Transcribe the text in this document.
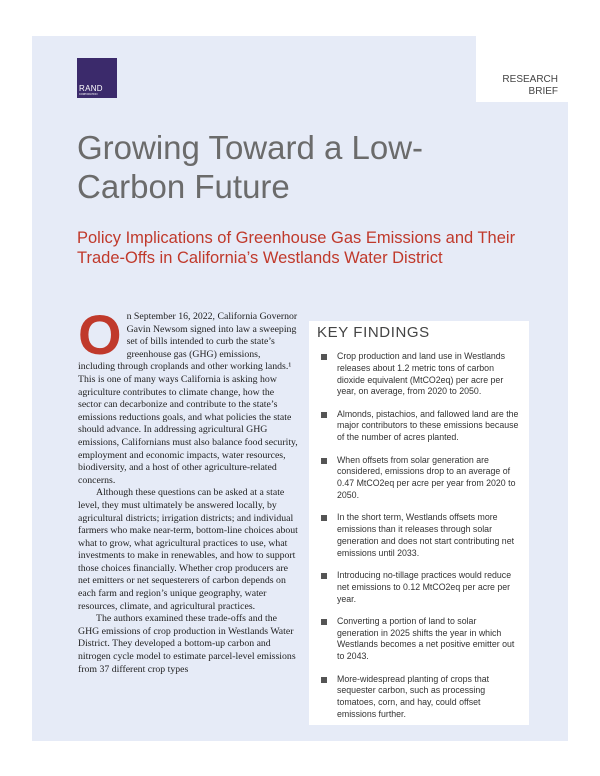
RAND
CORPORATION
RESEARCH
BRIEF
Growing Toward a Low-Carbon Future
Policy Implications of Greenhouse Gas Emissions and Their Trade-Offs in California’s Westlands Water District

On September 16, 2022, California Governor Gavin Newsom signed into law a sweeping set of bills intended to curb the state’s greenhouse gas (GHG) emissions, including through croplands and other working lands.¹ This is one of many ways California is asking how agriculture contributes to climate change, how the sector can decarbonize and contribute to the state’s emissions reductions goals, and what policies the state should advance. In addressing agricultural GHG emissions, Californians must also balance food security, employment and economic impacts, water resources, biodiversity, and a host of other agriculture-related concerns.

Although these questions can be asked at a state level, they must ultimately be answered locally, by agricultural districts; irrigation districts; and individual farmers who make near-term, bottom-line choices about what to grow, what agricultural practices to use, what investments to make in renewables, and how to support those choices financially. Whether crop producers are net emitters or net sequesterers of carbon depends on each farm and region’s unique geography, water resources, climate, and agricultural practices.

The authors examined these trade-offs and the GHG emissions of crop production in Westlands Water District. They developed a bottom-up carbon and nitrogen cycle model to estimate parcel-level emissions from 37 different crop types

KEY FINDINGS
Crop production and land use in Westlands releases about 1.2 metric tons of carbon dioxide equivalent (MtCO2eq) per acre per year, on average, from 2020 to 2050.
Almonds, pistachios, and fallowed land are the major contributors to these emissions because of the number of acres planted.
When offsets from solar generation are considered, emissions drop to an average of 0.47 MtCO2eq per acre per year from 2020 to 2050.
In the short term, Westlands offsets more emissions than it releases through solar generation and does not start contributing net emissions until 2033.
Introducing no-tillage practices would reduce net emissions to 0.12 MtCO2eq per acre per year.
Converting a portion of land to solar generation in 2025 shifts the year in which Westlands becomes a net positive emitter out to 2043.
More-widespread planting of crops that sequester carbon, such as processing tomatoes, corn, and hay, could offset emissions further.
